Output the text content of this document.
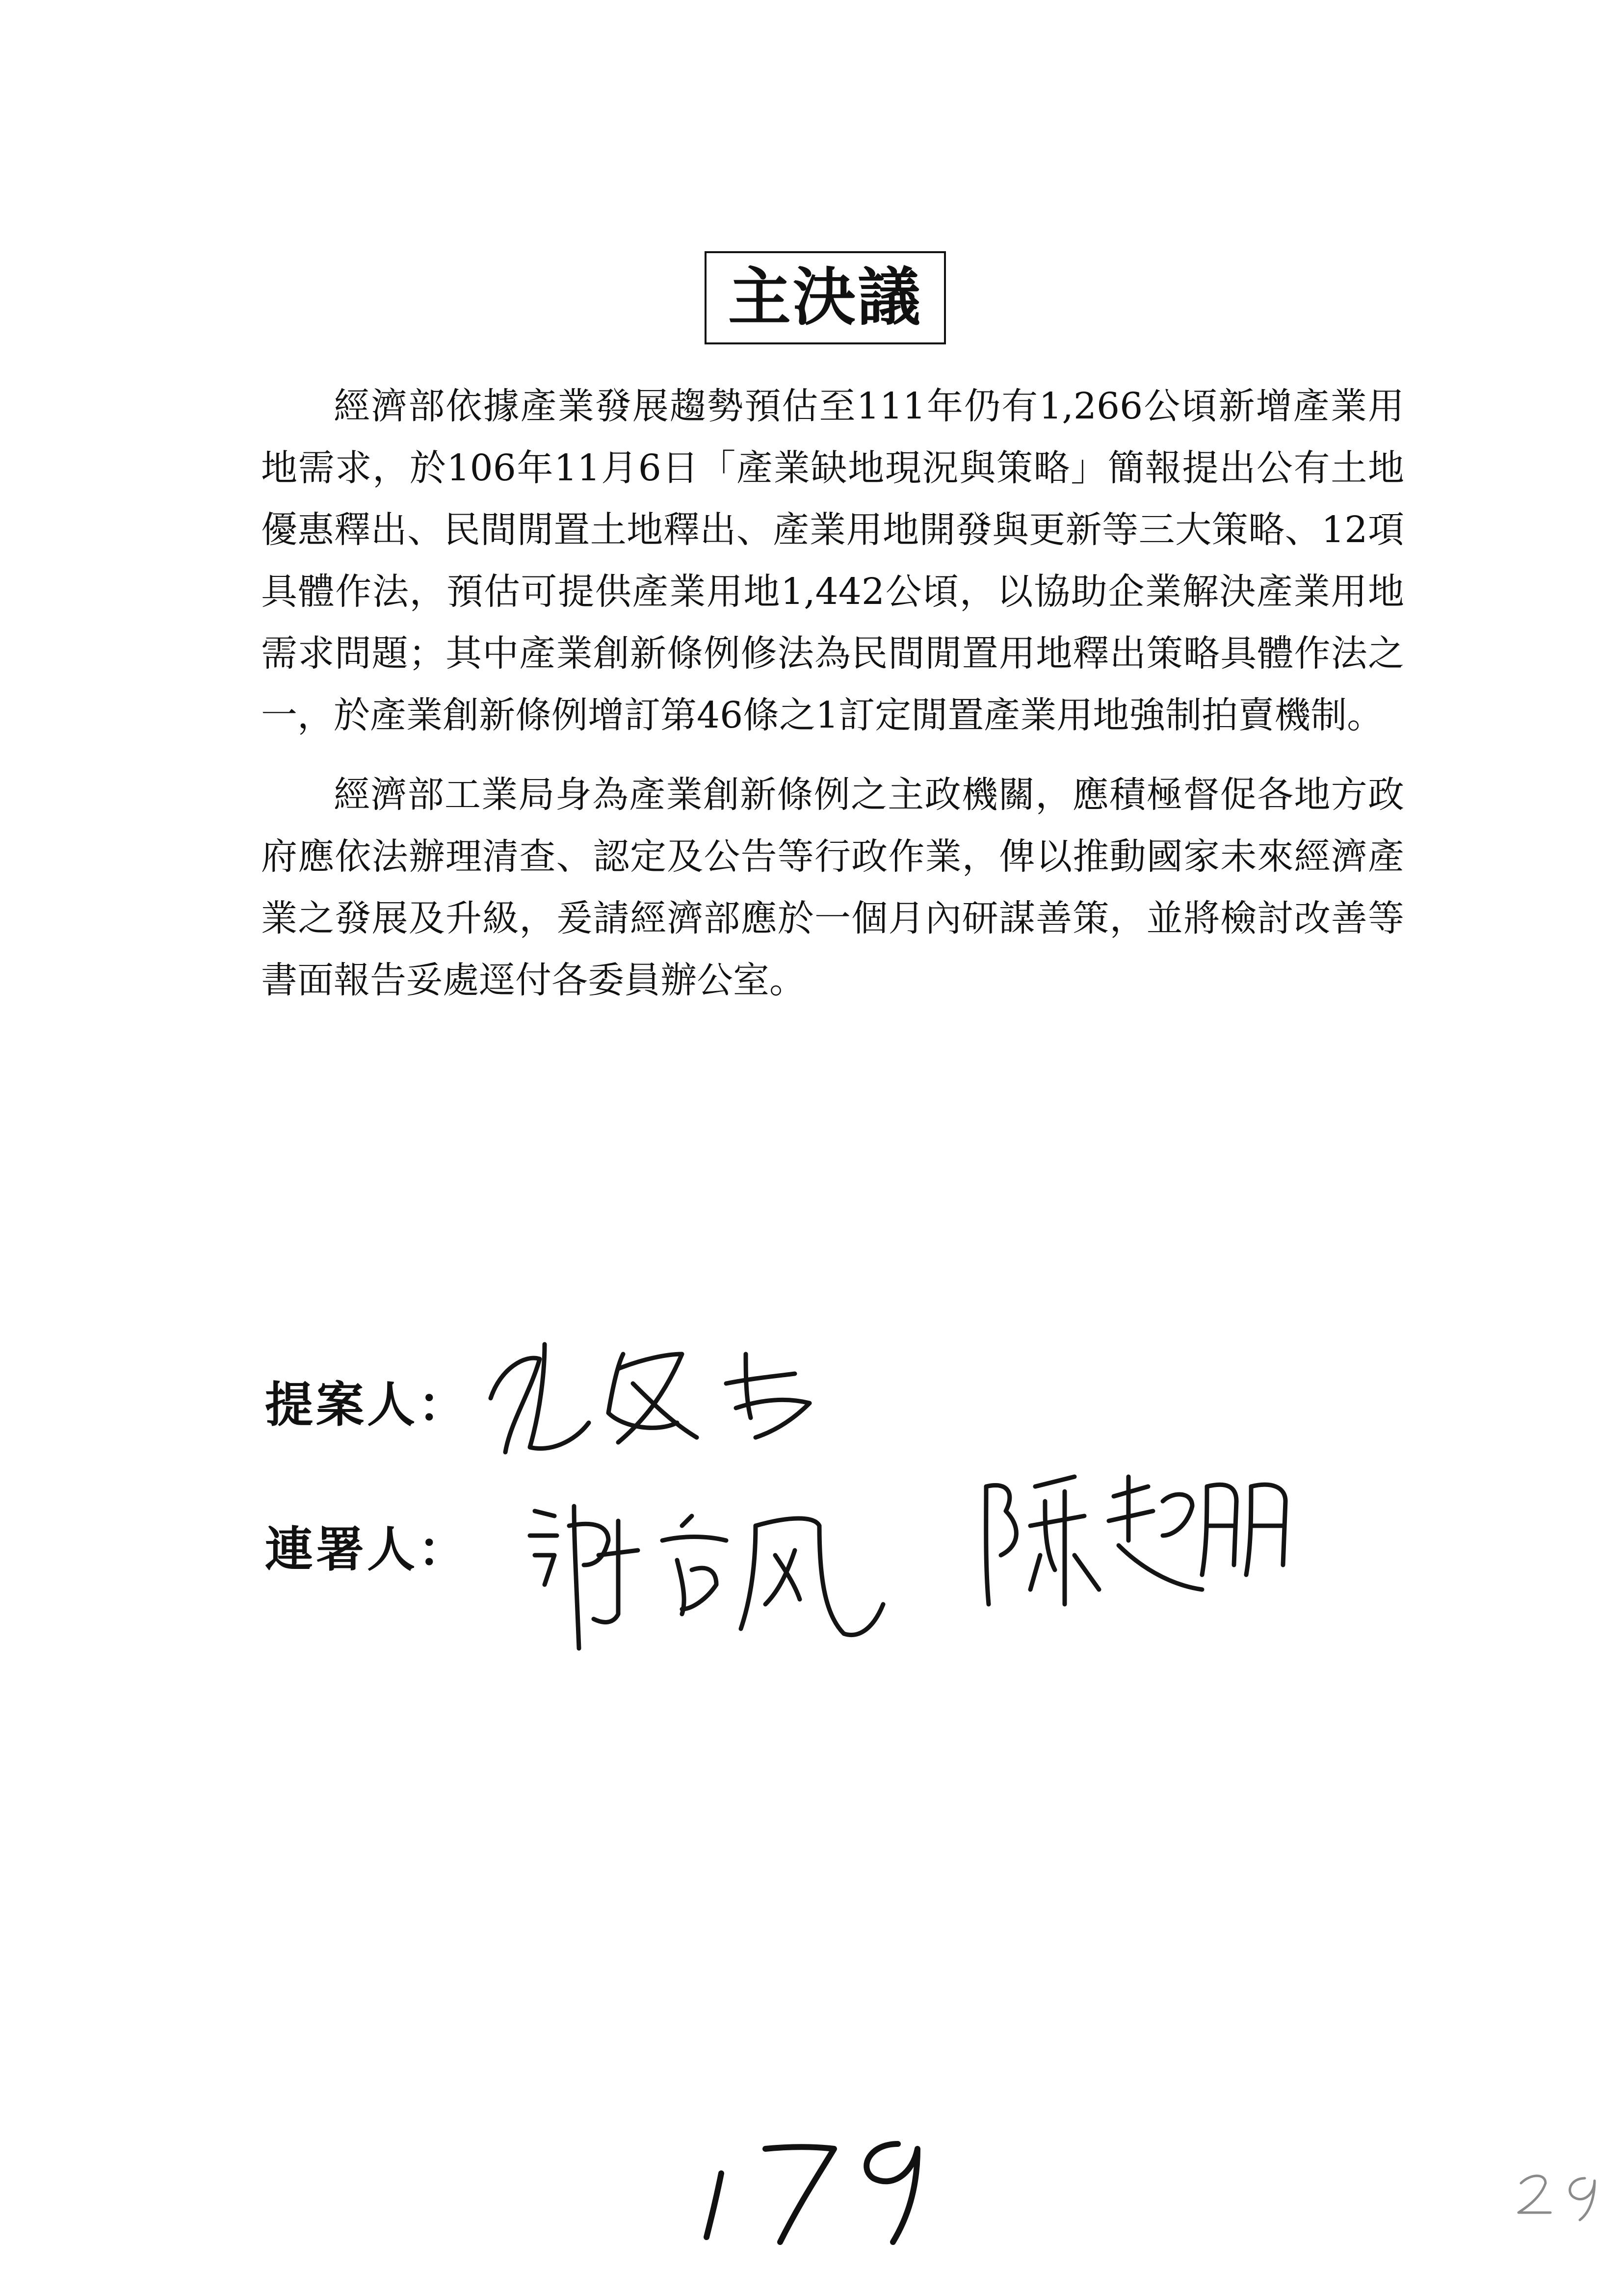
主決議

經濟部依據產業發展趨勢預估至111年仍有1,266公頃新增產業用地需求，於106年11月6日「產業缺地現況與策略」簡報提出公有土地優惠釋出、民間閒置土地釋出、產業用地開發與更新等三大策略、12項具體作法，預估可提供產業用地1,442公頃，以協助企業解決產業用地需求問題；其中產業創新條例修法為民間閒置用地釋出策略具體作法之一，於產業創新條例增訂第46條之1訂定閒置產業用地強制拍賣機制。

經濟部工業局身為產業創新條例之主政機關，應積極督促各地方政府應依法辦理清查、認定及公告等行政作業，俾以推動國家未來經濟產業之發展及升級，爰請經濟部應於一個月內研謀善策，並將檢討改善等書面報告妥處逕付各委員辦公室。

提案人：
連署人：
